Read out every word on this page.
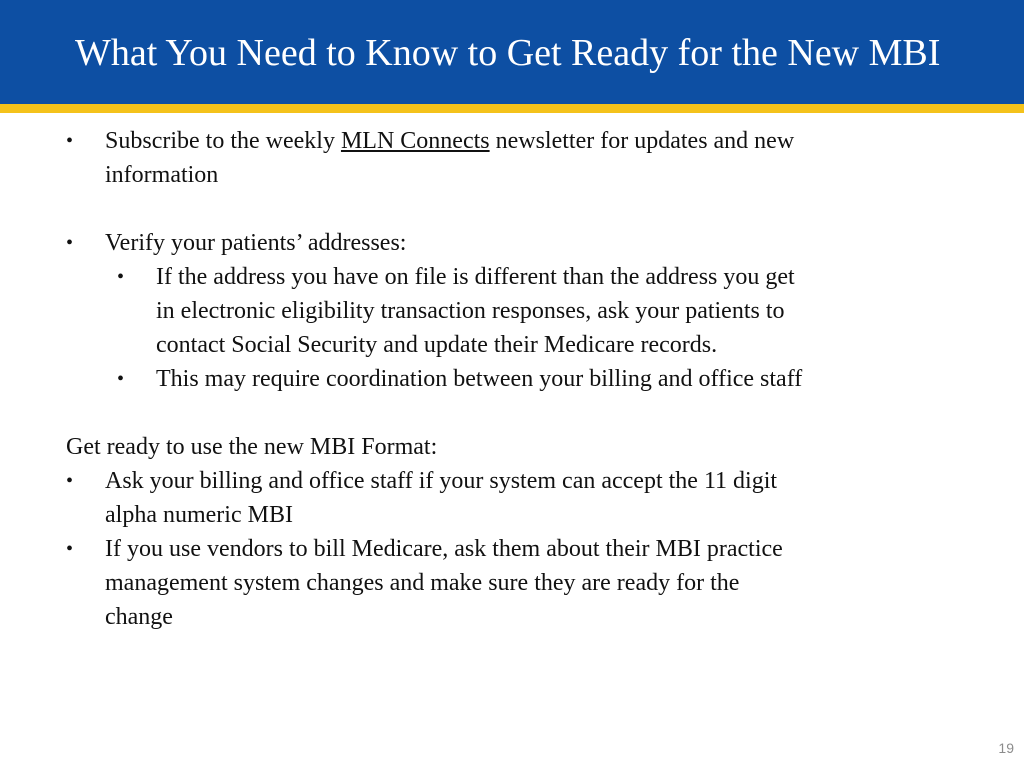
What You Need to Know to Get Ready for the New MBI
• Subscribe to the weekly MLN Connects newsletter for updates and new
information
• Verify your patients’ addresses:
• If the address you have on file is different than the address you get
in electronic eligibility transaction responses, ask your patients to
contact Social Security and update their Medicare records.
• This may require coordination between your billing and office staff
Get ready to use the new MBI Format:
• Ask your billing and office staff if your system can accept the 11 digit
alpha numeric MBI
• If you use vendors to bill Medicare, ask them about their MBI practice
management system changes and make sure they are ready for the
change
19
